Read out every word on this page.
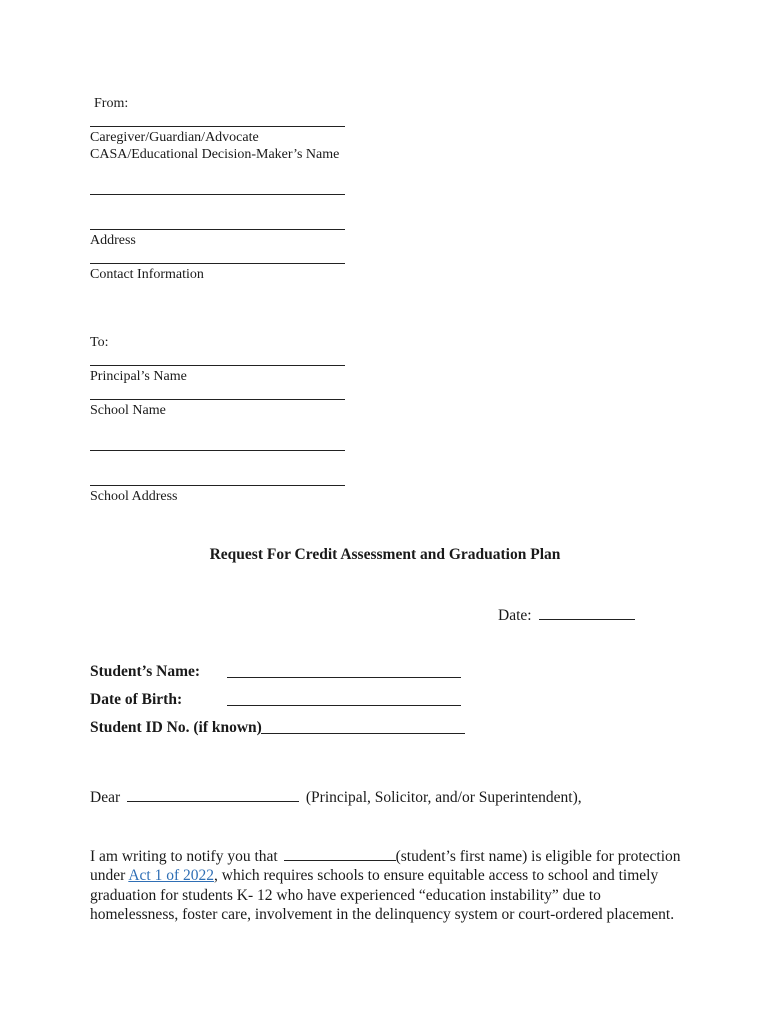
From:
Caregiver/Guardian/Advocate
CASA/Educational Decision-Maker’s Name
Address
Contact Information
To:
Principal’s Name
School Name
School Address
Request For Credit Assessment and Graduation Plan
Date:
Student’s Name:
Date of Birth:
Student ID No. (if known)
Dear	(Principal, Solicitor, and/or Superintendent),
I am writing to notify you that	(student’s first name) is eligible for protection under Act 1 of 2022, which requires schools to ensure equitable access to school and timely graduation for students K- 12 who have experienced “education instability” due to homelessness, foster care, involvement in the delinquency system or court-ordered placement.
